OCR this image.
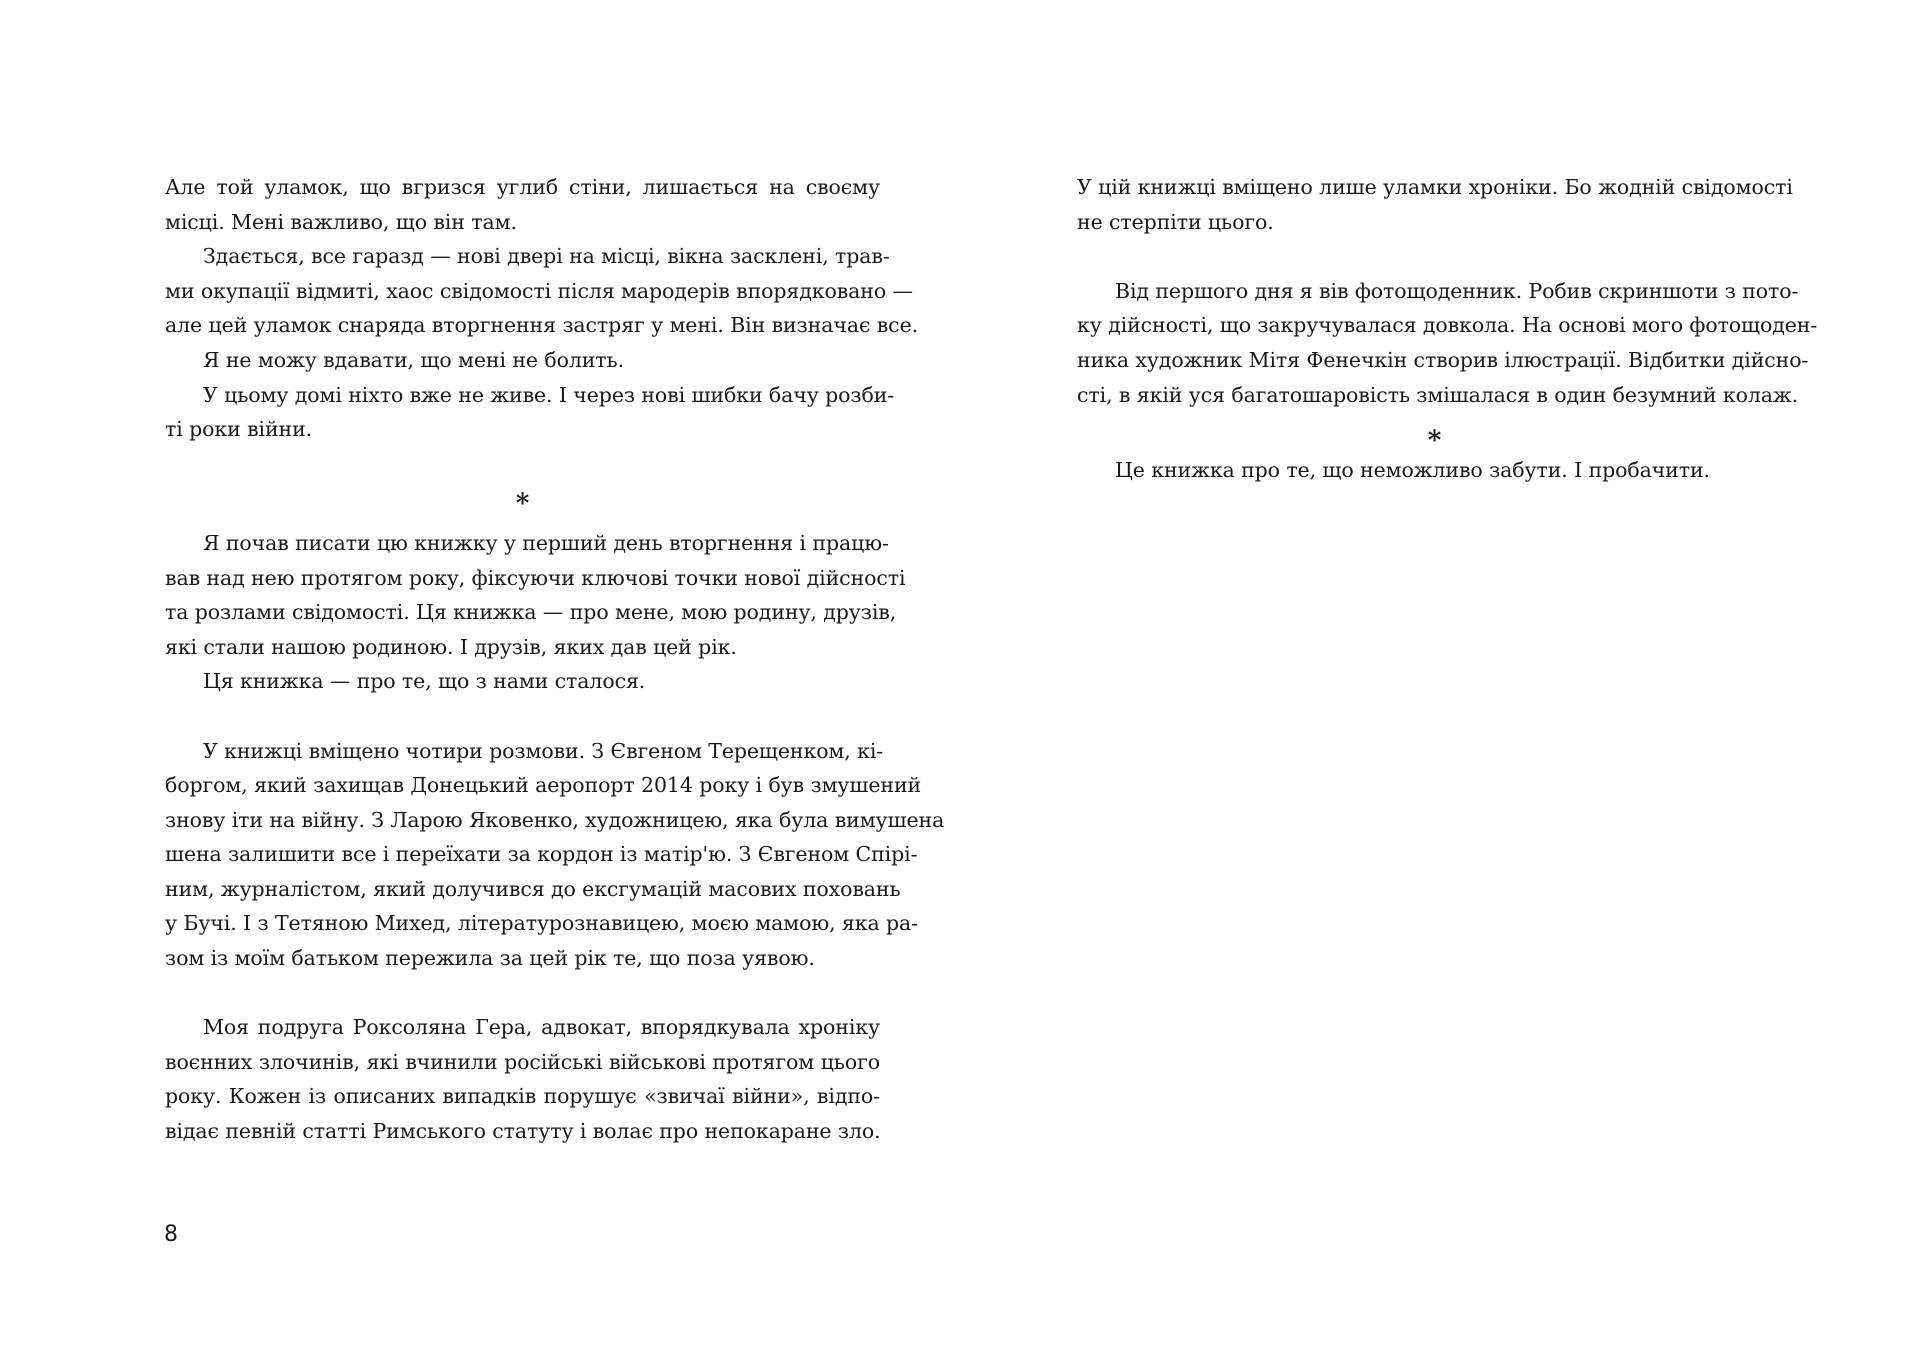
Але той уламок, що вгризся углиб стіни, лишається на своєму
місці. Мені важливо, що він там.
Здається, все гаразд — нові двері на місці, вікна засклені, трав-
ми окупації відмиті, хаос свідомості після мародерів впорядковано —
але цей уламок снаряда вторгнення застряг у мені. Він визначає все.
Я не можу вдавати, що мені не болить.
У цьому домі ніхто вже не живе. І через нові шибки бачу розби-
ті роки війни.
*
Я почав писати цю книжку у перший день вторгнення і працю-
вав над нею протягом року, фіксуючи ключові точки нової дійсності
та розлами свідомості. Ця книжка — про мене, мою родину, друзів,
які стали нашою родиною. І друзів, яких дав цей рік.
Ця книжка — про те, що з нами сталося.
У книжці вміщено чотири розмови. З Євгеном Терещенком, кі-
боргом, який захищав Донецький аеропорт 2014 року і був змушений
знову іти на війну. З Ларою Яковенко, художницею, яка була вимушена
шена залишити все і переїхати за кордон із матір'ю. З Євгеном Спірі-
ним, журналістом, який долучився до ексгумацій масових поховань
у Бучі. І з Тетяною Михед, літературознавицею, моєю мамою, яка ра-
зом із моїм батьком пережила за цей рік те, що поза уявою.
Моя подруга Роксоляна Гера, адвокат, впорядкувала хроніку
воєнних злочинів, які вчинили російські військові протягом цього
року. Кожен із описаних випадків порушує «звичаї війни», відпо-
відає певній статті Римського статуту і волає про непокаране зло.
У цій книжці вміщено лише уламки хроніки. Бо жодній свідомості
не стерпіти цього.
Від першого дня я вів фотощоденник. Робив скриншоти з пото-
ку дійсності, що закручувалася довкола. На основі мого фотощоден-
ника художник Мітя Фенечкін створив ілюстрації. Відбитки дійсно-
сті, в якій уся багатошаровість змішалася в один безумний колаж.
*
Це книжка про те, що неможливо забути. І пробачити.
8
